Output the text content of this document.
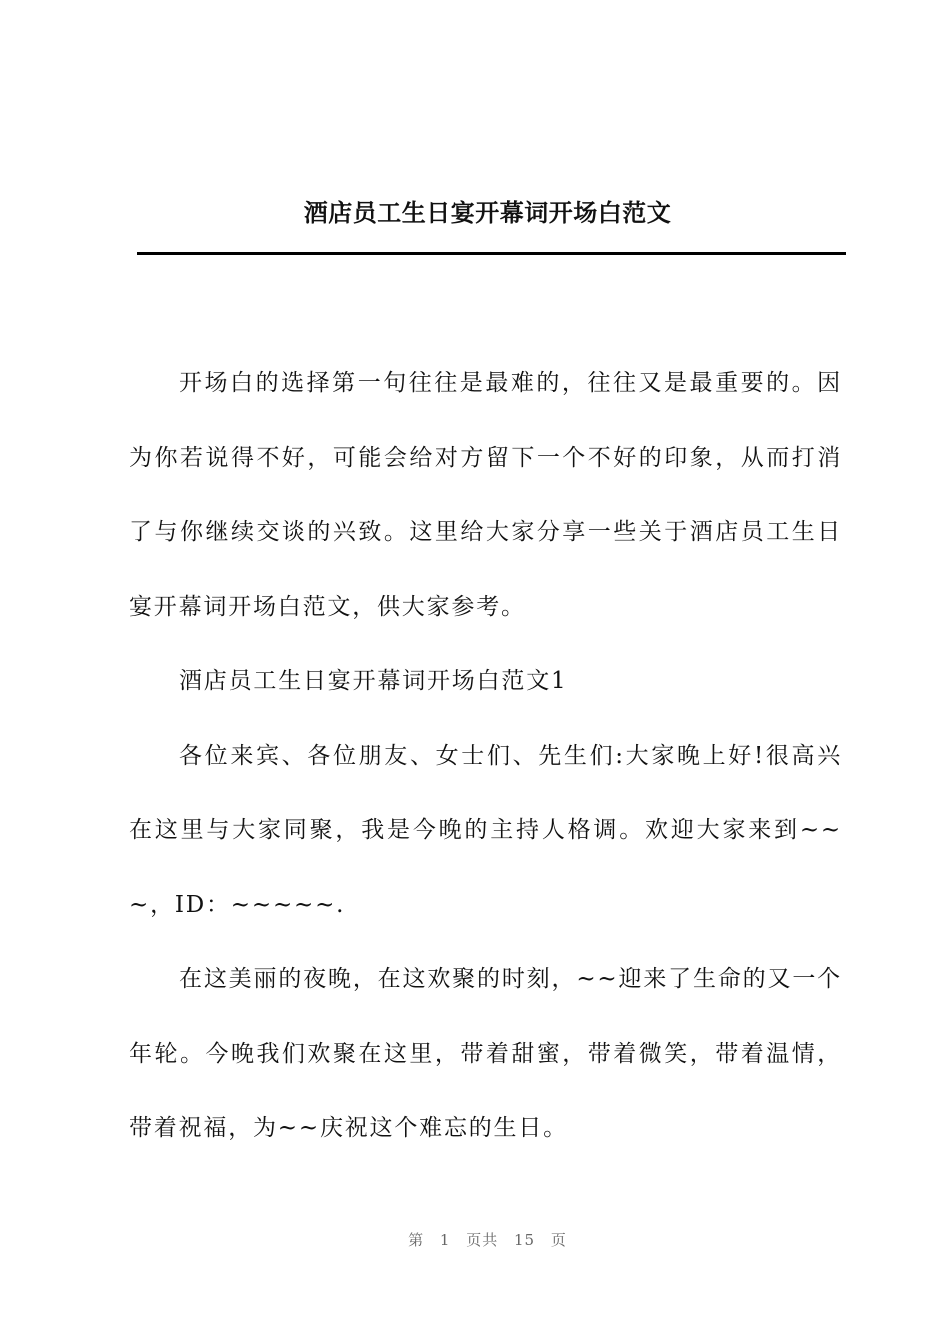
酒店员工生日宴开幕词开场白范文

开场白的选择第一句往往是最难的，往往又是最重要的。因为你若说得不好，可能会给对方留下一个不好的印象，从而打消了与你继续交谈的兴致。这里给大家分享一些关于酒店员工生日宴开幕词开场白范文，供大家参考。

酒店员工生日宴开幕词开场白范文1

各位来宾、各位朋友、女士们、先生们:大家晚上好!很高兴在这里与大家同聚，我是今晚的主持人格调。欢迎大家来到~~~，ID：~~~~~.

在这美丽的夜晚，在这欢聚的时刻，~~迎来了生命的又一个年轮。今晚我们欢聚在这里，带着甜蜜，带着微笑，带着温情，带着祝福，为~~庆祝这个难忘的生日。

第 1 页共 15 页
